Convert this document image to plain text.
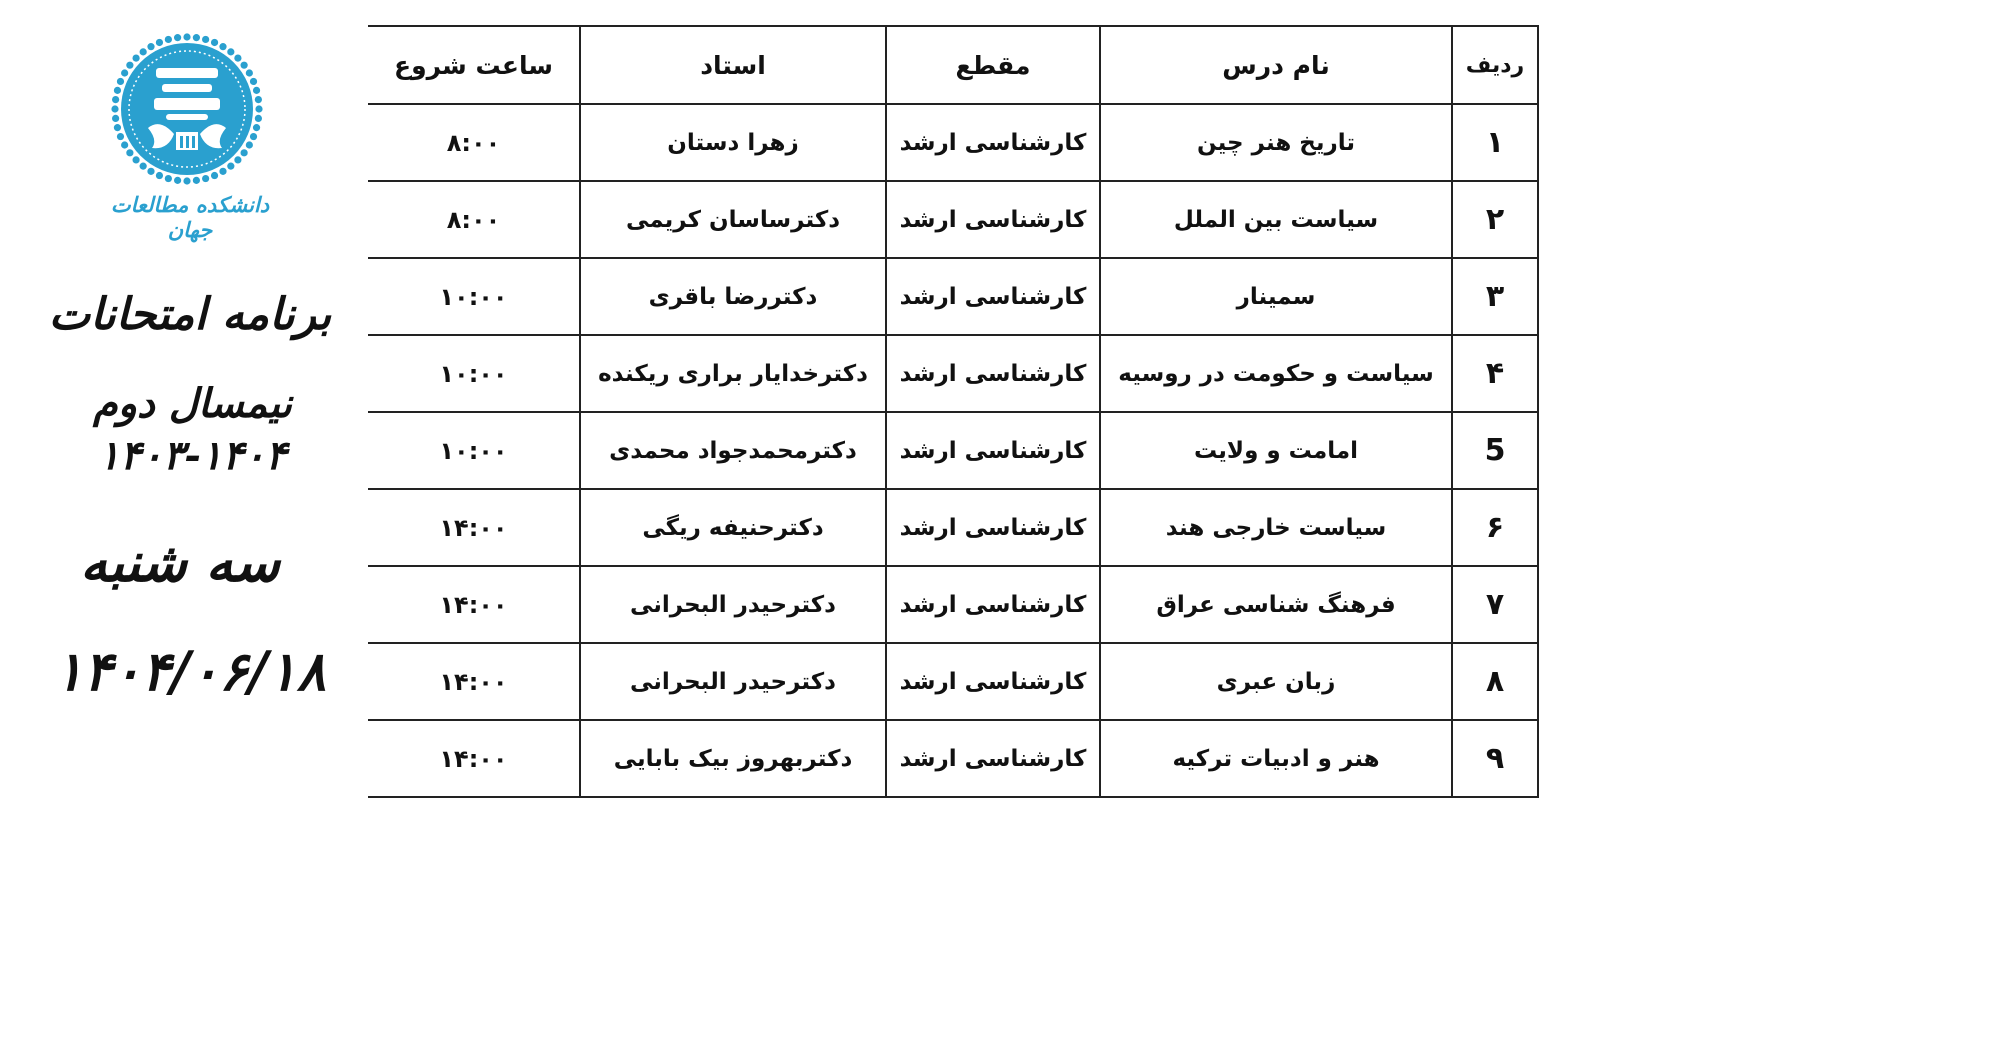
دانشکده مطالعات جهان
برنامه امتحانات
نیمسال دوم ۱۴۰۴-۱۴۰۳
سه شنبه
۱۴۰۴/۰۶/۱۸
ردیف	نام درس	مقطع	استاد	ساعت شروع
۱	تاریخ هنر چین	کارشناسی ارشد	زهرا دستان	۸:۰۰
۲	سیاست بین الملل	کارشناسی ارشد	دکترساسان کریمی	۸:۰۰
۳	سمینار	کارشناسی ارشد	دکتررضا باقری	۱۰:۰۰
۴	سیاست و حکومت در روسیه	کارشناسی ارشد	دکترخدایار براری ریکنده	۱۰:۰۰
5	امامت و ولایت	کارشناسی ارشد	دکترمحمدجواد محمدی	۱۰:۰۰
۶	سیاست خارجی هند	کارشناسی ارشد	دکترحنیفه ریگی	۱۴:۰۰
۷	فرهنگ شناسی عراق	کارشناسی ارشد	دکترحیدر البحرانی	۱۴:۰۰
۸	زبان عبری	کارشناسی ارشد	دکترحیدر البحرانی	۱۴:۰۰
۹	هنر و ادبیات ترکیه	کارشناسی ارشد	دکتربهروز بیک بابایی	۱۴:۰۰
